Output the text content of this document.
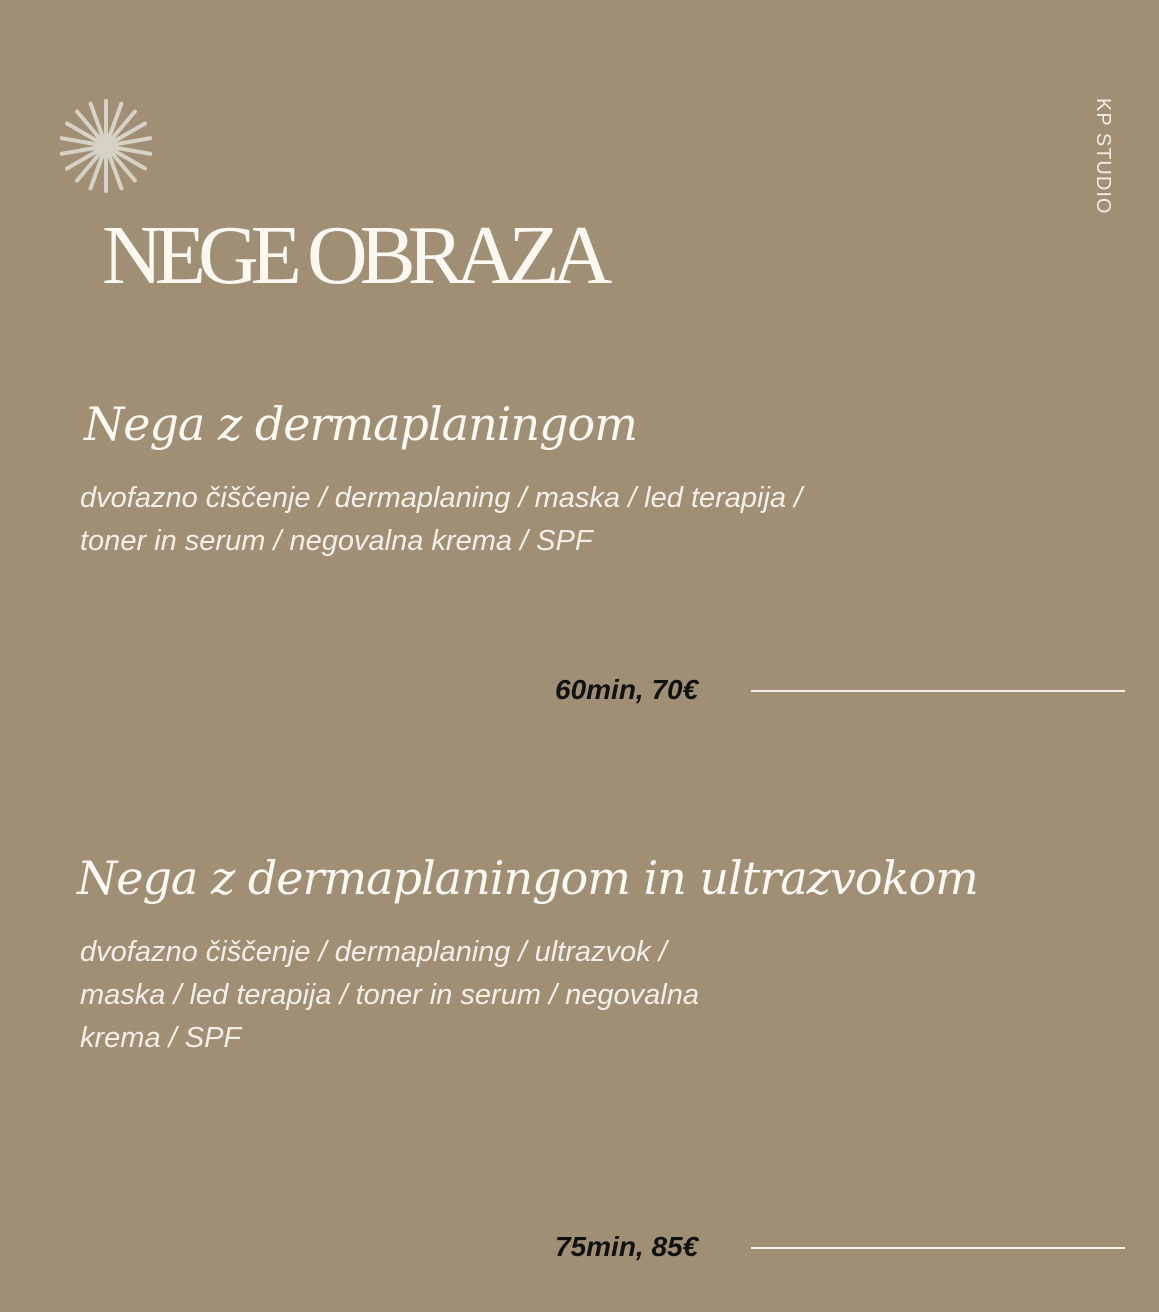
KP STUDIO
NEGE OBRAZA
Nega z dermaplaningom
dvofazno čiščenje / dermaplaning / maska / led terapija /
toner in serum / negovalna krema / SPF
60min, 70€
Nega z dermaplaningom in ultrazvokom
dvofazno čiščenje / dermaplaning / ultrazvok /
maska / led terapija / toner in serum / negovalna
krema / SPF
75min, 85€
